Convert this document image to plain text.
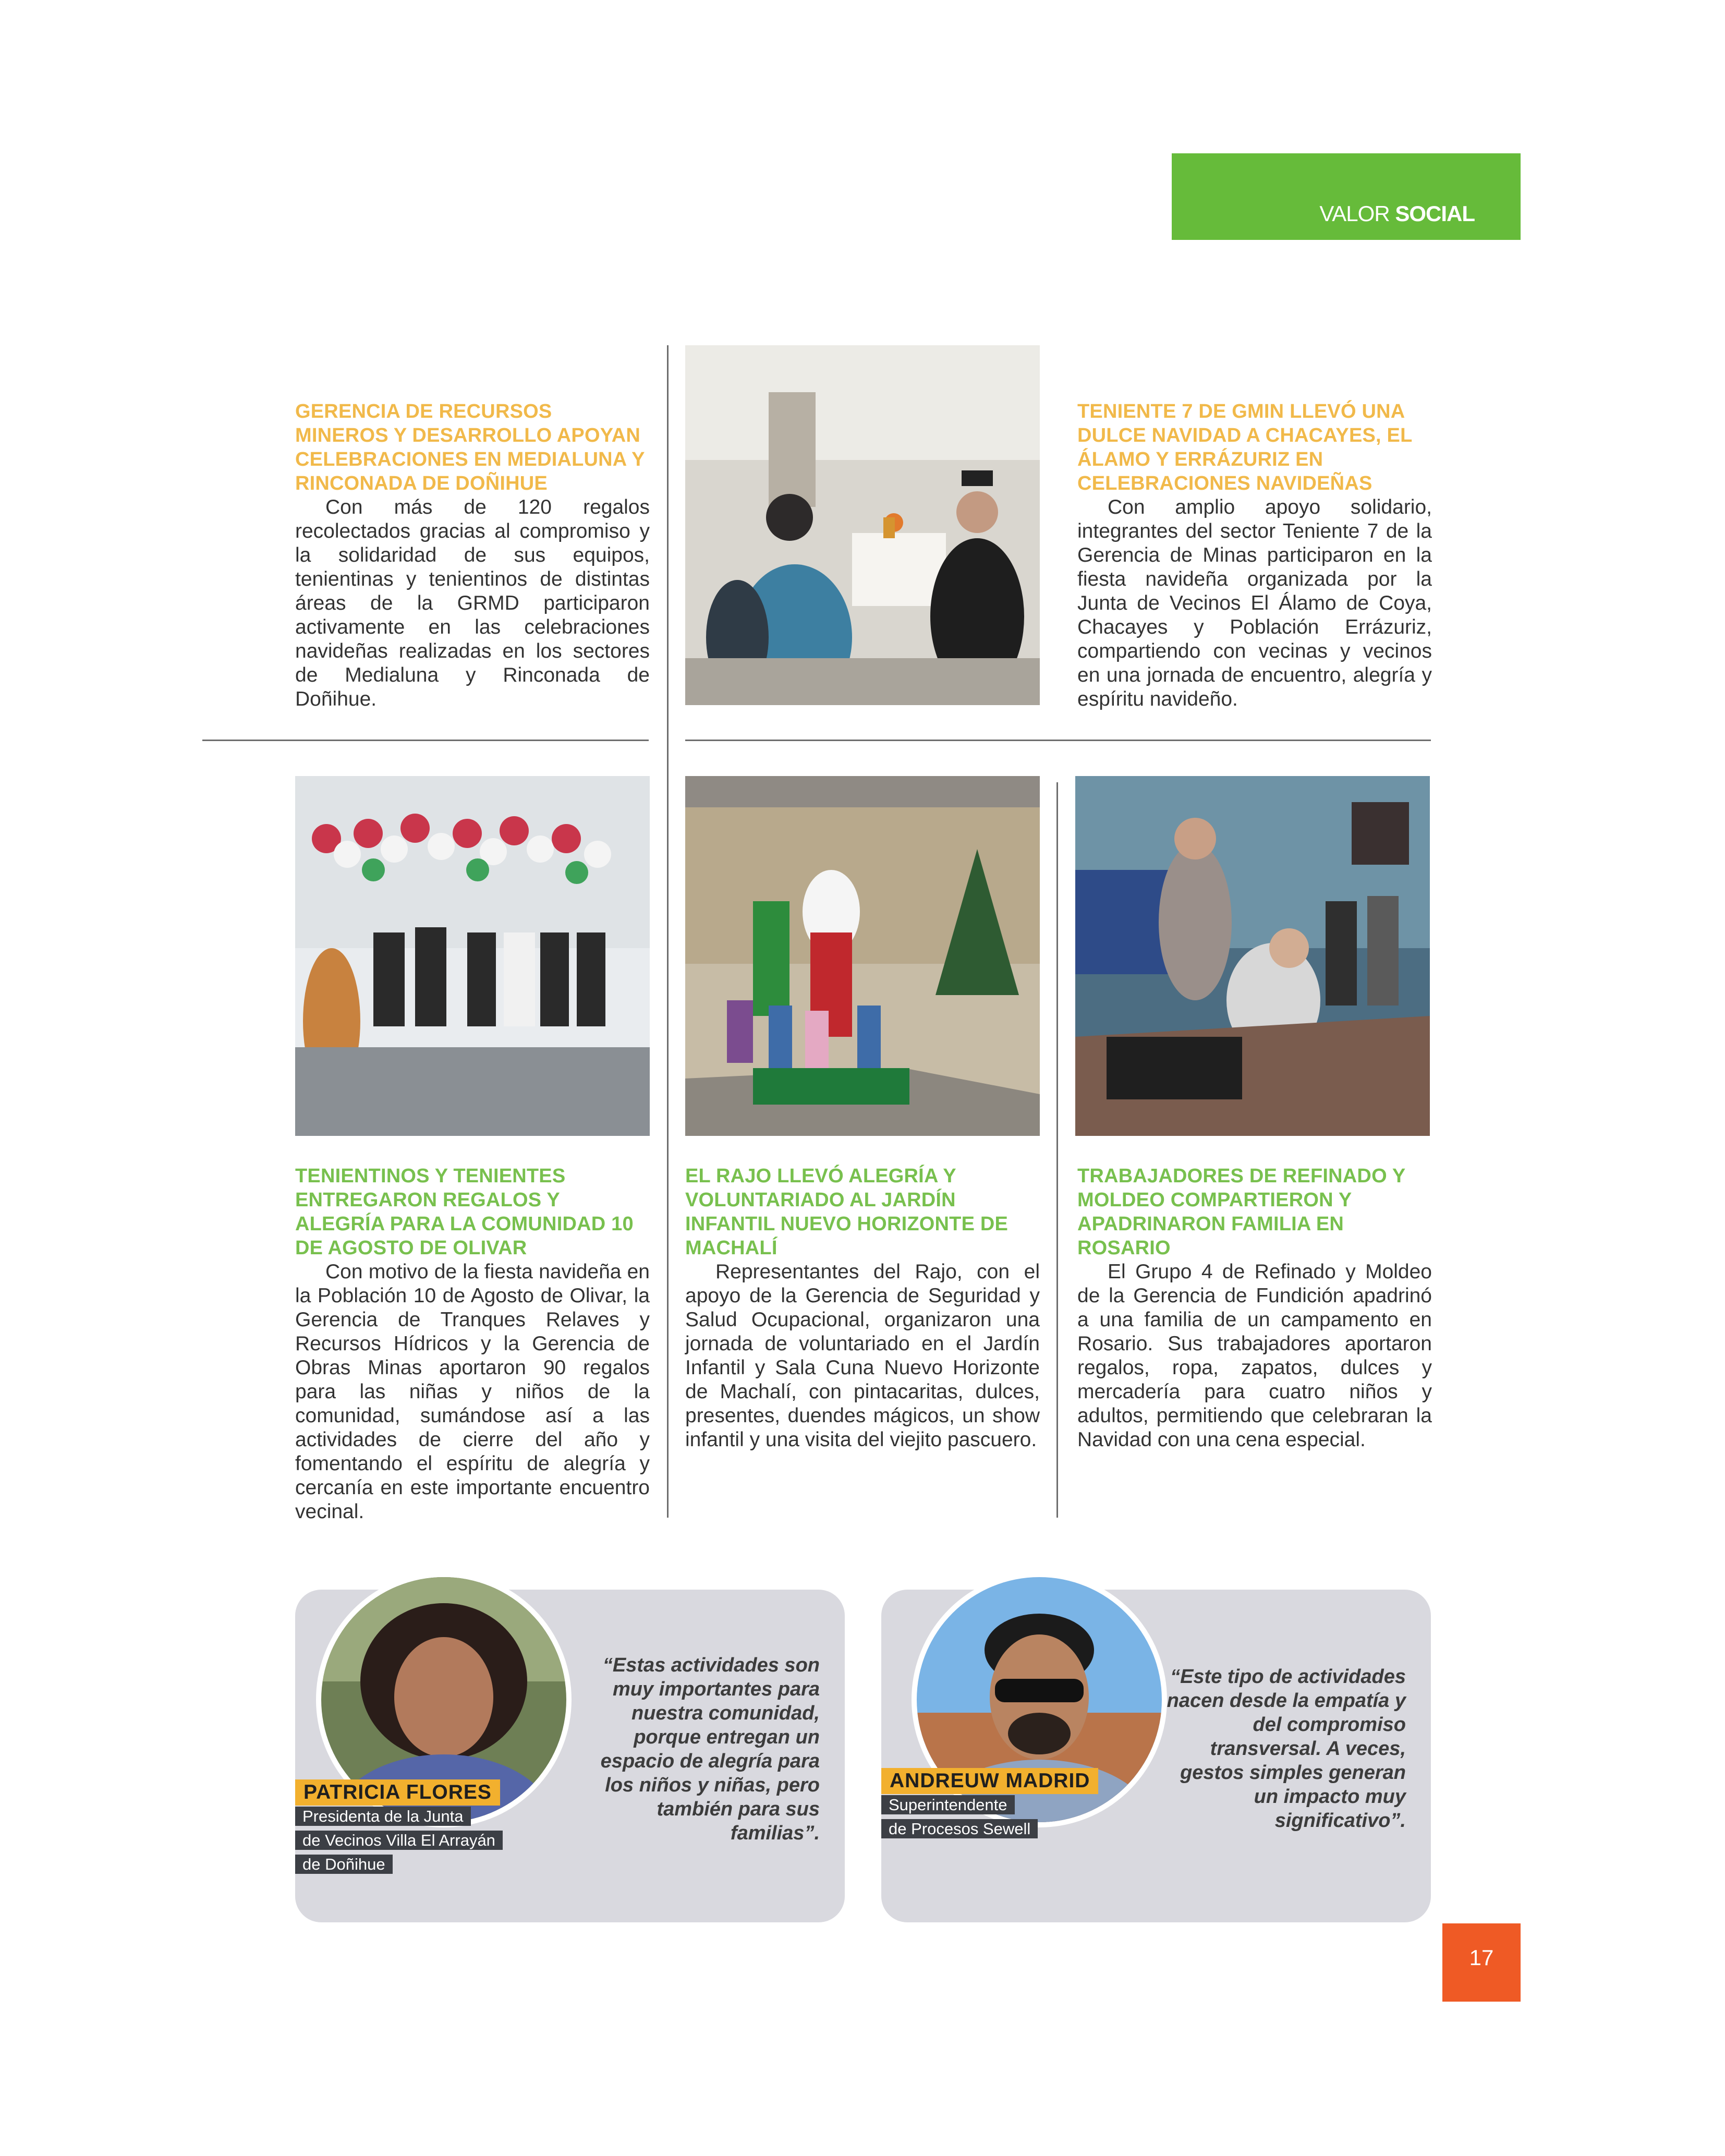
VALOR SOCIAL
GERENCIA DE RECURSOS MINEROS Y DESARROLLO APOYAN CELEBRACIONES EN MEDIALUNA Y RINCONADA DE DOÑIHUE

Con más de 120 regalos recolectados gracias al compromiso y la solidaridad de sus equipos, tenientinas y tenientinos de distintas áreas de la GRMD participaron activamente en las celebraciones navideñas realizadas en los sectores de Medialuna y Rinconada de Doñihue.

TENIENTE 7 DE GMIN LLEVÓ UNA DULCE NAVIDAD A CHACAYES, EL ÁLAMO Y ERRÁZURIZ EN CELEBRACIONES NAVIDEÑAS

Con amplio apoyo solidario, integrantes del sector Teniente 7 de la Gerencia de Minas participaron en la fiesta navideña organizada por la Junta de Vecinos El Álamo de Coya, Chacayes y Población Errázuriz, compartiendo con vecinas y vecinos en una jornada de encuentro, alegría y espíritu navideño.

TENIENTINOS Y TENIENTES ENTREGARON REGALOS Y ALEGRÍA PARA LA COMUNIDAD 10 DE AGOSTO DE OLIVAR

Con motivo de la fiesta navideña en la Población 10 de Agosto de Olivar, la Gerencia de Tranques Relaves y Recursos Hídricos y la Gerencia de Obras Minas aportaron 90 regalos para las niñas y niños de la comunidad, sumándose así a las actividades de cierre del año y fomentando el espíritu de alegría y cercanía en este importante encuentro vecinal.

EL RAJO LLEVÓ ALEGRÍA Y VOLUNTARIADO AL JARDÍN INFANTIL NUEVO HORIZONTE DE MACHALÍ

Representantes del Rajo, con el apoyo de la Gerencia de Seguridad y Salud Ocupacional, organizaron una jornada de voluntariado en el Jardín Infantil y Sala Cuna Nuevo Horizonte de Machalí, con pintacaritas, dulces, presentes, duendes mágicos, un show infantil y una visita del viejito pascuero.

TRABAJADORES DE REFINADO Y MOLDEO COMPARTIERON Y APADRINARON FAMILIA EN ROSARIO

El Grupo 4 de Refinado y Moldeo de la Gerencia de Fundición apadrinó a una familia de un campamento en Rosario. Sus trabajadores aportaron regalos, ropa, zapatos, dulces y mercadería para cuatro niños y adultos, permitiendo que celebraran la Navidad con una cena especial.

PATRICIA FLORES
Presidenta de la Junta
de Vecinos Villa El Arrayán
de Doñihue

“Estas actividades son muy importantes para nuestra comunidad, porque entregan un espacio de alegría para los niños y niñas, pero también para sus familias”.

ANDREUW MADRID
Superintendente
de Procesos Sewell

“Este tipo de actividades nacen desde la empatía y del compromiso transversal. A veces, gestos simples generan un impacto muy significativo”.

17
